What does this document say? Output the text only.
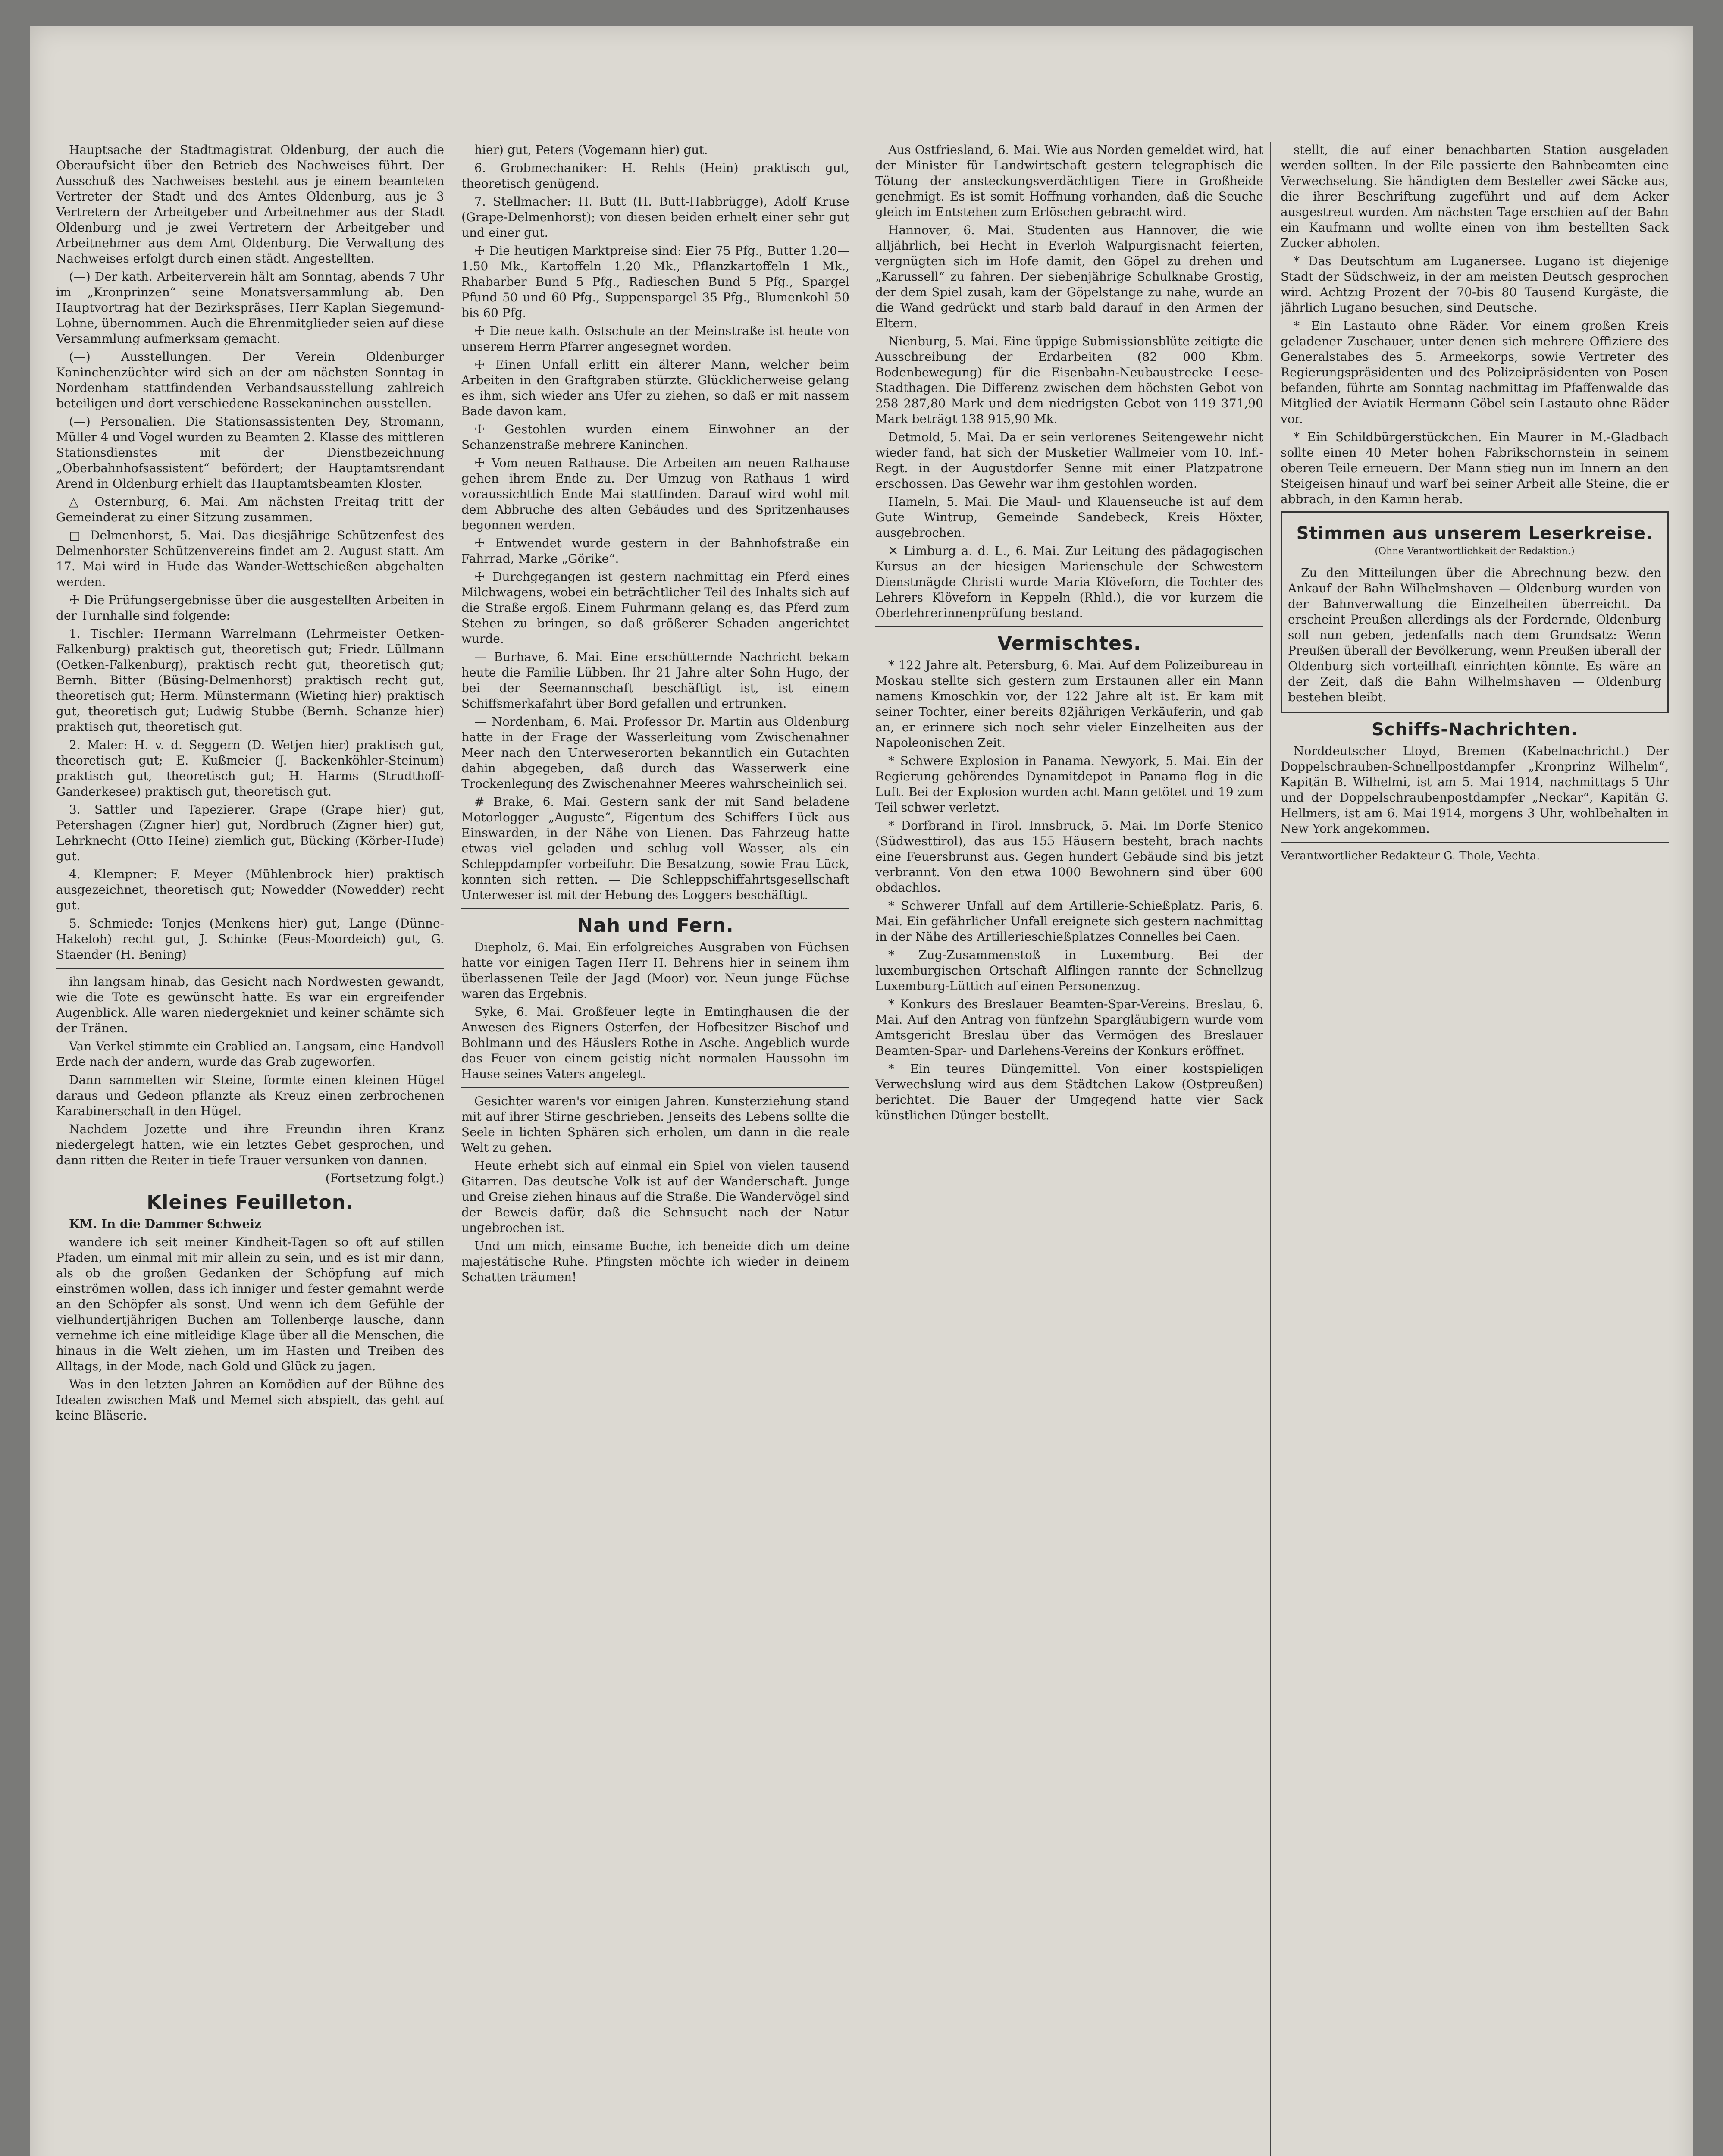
Hauptsache der Stadtmagistrat Oldenburg, der auch die Oberaufsicht über den Betrieb des Nachweises führt. Der Ausschuß des Nachweises besteht aus je einem beamteten Vertreter der Stadt und des Amtes Oldenburg, aus je 3 Vertretern der Arbeitgeber und Arbeitnehmer aus der Stadt Oldenburg und je zwei Vertretern der Arbeitgeber und Arbeitnehmer aus dem Amt Oldenburg. Die Verwaltung des Nachweises erfolgt durch einen städt. Angestellten.

(—) Der kath. Arbeiterverein hält am Sonntag, abends 7 Uhr im „Kronprinzen“ seine Monatsversammlung ab. Den Hauptvortrag hat der Bezirkspräses, Herr Kaplan Siegemund-Lohne, übernommen. Auch die Ehrenmitglieder seien auf diese Versammlung aufmerksam gemacht.

(—) Ausstellungen. Der Verein Oldenburger Kaninchenzüchter wird sich an der am nächsten Sonntag in Nordenham stattfindenden Verbandsausstellung zahlreich beteiligen und dort verschiedene Rassekaninchen ausstellen.

(—) Personalien. Die Stationsassistenten Dey, Stromann, Müller 4 und Vogel wurden zu Beamten 2. Klasse des mittleren Stationsdienstes mit der Dienstbezeichnung „Oberbahnhofsassistent“ befördert; der Hauptamtsrendant Arend in Oldenburg erhielt das Hauptamtsbeamten Kloster.

△ Osternburg, 6. Mai. Am nächsten Freitag tritt der Gemeinderat zu einer Sitzung zusammen.

□ Delmenhorst, 5. Mai. Das diesjährige Schützenfest des Delmenhorster Schützenvereins findet am 2. August statt. Am 17. Mai wird in Hude das Wander-Wettschießen abgehalten werden.

☩ Die Prüfungsergebnisse über die ausgestellten Arbeiten in der Turnhalle sind folgende:

1. Tischler: Hermann Warrelmann (Lehrmeister Oetken-Falkenburg) praktisch gut, theoretisch gut; Friedr. Lüllmann (Oetken-Falkenburg), praktisch recht gut, theoretisch gut; Bernh. Bitter (Büsing-Delmenhorst) praktisch recht gut, theoretisch gut; Herm. Münstermann (Wieting hier) praktisch gut, theoretisch gut; Ludwig Stubbe (Bernh. Schanze hier) praktisch gut, theoretisch gut.

2. Maler: H. v. d. Seggern (D. Wetjen hier) praktisch gut, theoretisch gut; E. Kußmeier (J. Backenköhler-Steinum) praktisch gut, theoretisch gut; H. Harms (Strudthoff-Ganderkesee) praktisch gut, theoretisch gut.

3. Sattler und Tapezierer. Grape (Grape hier) gut, Petershagen (Zigner hier) gut, Nordbruch (Zigner hier) gut, Lehrknecht (Otto Heine) ziemlich gut, Bücking (Körber-Hude) gut.

4. Klempner: F. Meyer (Mühlenbrock hier) praktisch ausgezeichnet, theoretisch gut; Nowedder (Nowedder) recht gut.

5. Schmiede: Tonjes (Menkens hier) gut, Lange (Dünne-Hakeloh) recht gut, J. Schinke (Feus-Moordeich) gut, G. Staender (H. Bening)

ihn langsam hinab, das Gesicht nach Nordwesten gewandt, wie die Tote es gewünscht hatte. Es war ein ergreifender Augenblick. Alle waren niedergekniet und keiner schämte sich der Tränen.

Van Verkel stimmte ein Grablied an. Langsam, eine Handvoll Erde nach der andern, wurde das Grab zugeworfen.

Dann sammelten wir Steine, formte einen kleinen Hügel daraus und Gedeon pflanzte als Kreuz einen zerbrochenen Karabinerschaft in den Hügel.

Nachdem Jozette und ihre Freundin ihren Kranz niedergelegt hatten, wie ein letztes Gebet gesprochen, und dann ritten die Reiter in tiefe Trauer versunken von dannen.

(Fortsetzung folgt.)

Kleines Feuilleton.

KM. In die Dammer Schweiz

wandere ich seit meiner Kindheit-Tagen so oft auf stillen Pfaden, um einmal mit mir allein zu sein, und es ist mir dann, als ob die großen Gedanken der Schöpfung auf mich einströmen wollen, dass ich inniger und fester gemahnt werde an den Schöpfer als sonst. Und wenn ich dem Gefühle der vielhundertjährigen Buchen am Tollenberge lausche, dann vernehme ich eine mitleidige Klage über all die Menschen, die hinaus in die Welt ziehen, um im Hasten und Treiben des Alltags, in der Mode, nach Gold und Glück zu jagen.

Was in den letzten Jahren an Komödien auf der Bühne des Idealen zwischen Maß und Memel sich abspielt, das geht auf keine Bläserie.

hier) gut, Peters (Vogemann hier) gut.

6. Grobmechaniker: H. Rehls (Hein) praktisch gut, theoretisch genügend.

7. Stellmacher: H. Butt (H. Butt-Habbrügge), Adolf Kruse (Grape-Delmenhorst); von diesen beiden erhielt einer sehr gut und einer gut.

☩ Die heutigen Marktpreise sind: Eier 75 Pfg., Butter 1.20—1.50 Mk., Kartoffeln 1.20 Mk., Pflanzkartoffeln 1 Mk., Rhabarber Bund 5 Pfg., Radieschen Bund 5 Pfg., Spargel Pfund 50 und 60 Pfg., Suppenspargel 35 Pfg., Blumenkohl 50 bis 60 Pfg.

☩ Die neue kath. Ostschule an der Meinstraße ist heute von unserem Herrn Pfarrer angesegnet worden.

☩ Einen Unfall erlitt ein älterer Mann, welcher beim Arbeiten in den Graftgraben stürzte. Glücklicherweise gelang es ihm, sich wieder ans Ufer zu ziehen, so daß er mit nassem Bade davon kam.

☩ Gestohlen wurden einem Einwohner an der Schanzenstraße mehrere Kaninchen.

☩ Vom neuen Rathause. Die Arbeiten am neuen Rathause gehen ihrem Ende zu. Der Umzug von Rathaus 1 wird voraussichtlich Ende Mai stattfinden. Darauf wird wohl mit dem Abbruche des alten Gebäudes und des Spritzenhauses begonnen werden.

☩ Entwendet wurde gestern in der Bahnhofstraße ein Fahrrad, Marke „Görike“.

☩ Durchgegangen ist gestern nachmittag ein Pferd eines Milchwagens, wobei ein beträchtlicher Teil des Inhalts sich auf die Straße ergoß. Einem Fuhrmann gelang es, das Pferd zum Stehen zu bringen, so daß größerer Schaden angerichtet wurde.

— Burhave, 6. Mai. Eine erschütternde Nachricht bekam heute die Familie Lübben. Ihr 21 Jahre alter Sohn Hugo, der bei der Seemannschaft beschäftigt ist, ist einem Schiffsmerkafahrt über Bord gefallen und ertrunken.

— Nordenham, 6. Mai. Professor Dr. Martin aus Oldenburg hatte in der Frage der Wasserleitung vom Zwischenahner Meer nach den Unterweserorten bekanntlich ein Gutachten dahin abgegeben, daß durch das Wasserwerk eine Trockenlegung des Zwischenahner Meeres wahrscheinlich sei.

# Brake, 6. Mai. Gestern sank der mit Sand beladene Motorlogger „Auguste“, Eigentum des Schiffers Lück aus Einswarden, in der Nähe von Lienen. Das Fahrzeug hatte etwas viel geladen und schlug voll Wasser, als ein Schleppdampfer vorbeifuhr. Die Besatzung, sowie Frau Lück, konnten sich retten. — Die Schleppschiffahrtsgesellschaft Unterweser ist mit der Hebung des Loggers beschäftigt.

Nah und Fern.

Diepholz, 6. Mai. Ein erfolgreiches Ausgraben von Füchsen hatte vor einigen Tagen Herr H. Behrens hier in seinem ihm überlassenen Teile der Jagd (Moor) vor. Neun junge Füchse waren das Ergebnis.

Syke, 6. Mai. Großfeuer legte in Emtinghausen die der Anwesen des Eigners Osterfen, der Hofbesitzer Bischof und Bohlmann und des Häuslers Rothe in Asche. Angeblich wurde das Feuer von einem geistig nicht normalen Haussohn im Hause seines Vaters angelegt.

Gesichter waren's vor einigen Jahren. Kunsterziehung stand mit auf ihrer Stirne geschrieben. Jenseits des Lebens sollte die Seele in lichten Sphären sich erholen, um dann in die reale Welt zu gehen.

Heute erhebt sich auf einmal ein Spiel von vielen tausend Gitarren. Das deutsche Volk ist auf der Wanderschaft. Junge und Greise ziehen hinaus auf die Straße. Die Wandervögel sind der Beweis dafür, daß die Sehnsucht nach der Natur ungebrochen ist.

Und um mich, einsame Buche, ich beneide dich um deine majestätische Ruhe. Pfingsten möchte ich wieder in deinem Schatten träumen!

Aus Ostfriesland, 6. Mai. Wie aus Norden gemeldet wird, hat der Minister für Landwirtschaft gestern telegraphisch die Tötung der ansteckungsverdächtigen Tiere in Großheide genehmigt. Es ist somit Hoffnung vorhanden, daß die Seuche gleich im Entstehen zum Erlöschen gebracht wird.

Hannover, 6. Mai. Studenten aus Hannover, die wie alljährlich, bei Hecht in Everloh Walpurgisnacht feierten, vergnügten sich im Hofe damit, den Göpel zu drehen und „Karussell“ zu fahren. Der siebenjährige Schulknabe Grostig, der dem Spiel zusah, kam der Göpelstange zu nahe, wurde an die Wand gedrückt und starb bald darauf in den Armen der Eltern.

Nienburg, 5. Mai. Eine üppige Submissionsblüte zeitigte die Ausschreibung der Erdarbeiten (82 000 Kbm. Bodenbewegung) für die Eisenbahn-Neubaustrecke Leese-Stadthagen. Die Differenz zwischen dem höchsten Gebot von 258 287,80 Mark und dem niedrigsten Gebot von 119 371,90 Mark beträgt 138 915,90 Mk.

Detmold, 5. Mai. Da er sein verlorenes Seitengewehr nicht wieder fand, hat sich der Musketier Wallmeier vom 10. Inf.-Regt. in der Augustdorfer Senne mit einer Platzpatrone erschossen. Das Gewehr war ihm gestohlen worden.

Hameln, 5. Mai. Die Maul- und Klauenseuche ist auf dem Gute Wintrup, Gemeinde Sandebeck, Kreis Höxter, ausgebrochen.

✕ Limburg a. d. L., 6. Mai. Zur Leitung des pädagogischen Kursus an der hiesigen Marienschule der Schwestern Dienstmägde Christi wurde Maria Klöveforn, die Tochter des Lehrers Klöveforn in Keppeln (Rhld.), die vor kurzem die Oberlehrerinnenprüfung bestand.

Vermischtes.

* 122 Jahre alt. Petersburg, 6. Mai. Auf dem Polizeibureau in Moskau stellte sich gestern zum Erstaunen aller ein Mann namens Kmoschkin vor, der 122 Jahre alt ist. Er kam mit seiner Tochter, einer bereits 82jährigen Verkäuferin, und gab an, er erinnere sich noch sehr vieler Einzelheiten aus der Napoleonischen Zeit.

* Schwere Explosion in Panama. Newyork, 5. Mai. Ein der Regierung gehörendes Dynamitdepot in Panama flog in die Luft. Bei der Explosion wurden acht Mann getötet und 19 zum Teil schwer verletzt.

* Dorfbrand in Tirol. Innsbruck, 5. Mai. Im Dorfe Stenico (Südwesttirol), das aus 155 Häusern besteht, brach nachts eine Feuersbrunst aus. Gegen hundert Gebäude sind bis jetzt verbrannt. Von den etwa 1000 Bewohnern sind über 600 obdachlos.

* Schwerer Unfall auf dem Artillerie-Schießplatz. Paris, 6. Mai. Ein gefährlicher Unfall ereignete sich gestern nachmittag in der Nähe des Artillerieschießplatzes Connelles bei Caen.

* Zug-Zusammenstoß in Luxemburg. Bei der luxemburgischen Ortschaft Alflingen rannte der Schnellzug Luxemburg-Lüttich auf einen Personenzug.

* Konkurs des Breslauer Beamten-Spar-Vereins. Breslau, 6. Mai. Auf den Antrag von fünfzehn Spargläubigern wurde vom Amtsgericht Breslau über das Vermögen des Breslauer Beamten-Spar- und Darlehens-Vereins der Konkurs eröffnet.

* Ein teures Düngemittel. Von einer kostspieligen Verwechslung wird aus dem Städtchen Lakow (Ostpreußen) berichtet. Die Bauer der Umgegend hatte vier Sack künstlichen Dünger bestellt.

stellt, die auf einer benachbarten Station ausgeladen werden sollten. In der Eile passierte den Bahnbeamten eine Verwechselung. Sie händigten dem Besteller zwei Säcke aus, die ihrer Beschriftung zugeführt und auf dem Acker ausgestreut wurden. Am nächsten Tage erschien auf der Bahn ein Kaufmann und wollte einen von ihm bestellten Sack Zucker abholen.

* Das Deutschtum am Luganersee. Lugano ist diejenige Stadt der Südschweiz, in der am meisten Deutsch gesprochen wird. Achtzig Prozent der 70-bis 80 Tausend Kurgäste, die jährlich Lugano besuchen, sind Deutsche.

* Ein Lastauto ohne Räder. Vor einem großen Kreis geladener Zuschauer, unter denen sich mehrere Offiziere des Generalstabes des 5. Armeekorps, sowie Vertreter des Regierungspräsidenten und des Polizeipräsidenten von Posen befanden, führte am Sonntag nachmittag im Pfaffenwalde das Mitglied der Aviatik Hermann Göbel sein Lastauto ohne Räder vor.

* Ein Schildbürgerstückchen. Ein Maurer in M.-Gladbach sollte einen 40 Meter hohen Fabrikschornstein in seinem oberen Teile erneuern. Der Mann stieg nun im Innern an den Steigeisen hinauf und warf bei seiner Arbeit alle Steine, die er abbrach, in den Kamin herab.

Stimmen aus unserem Leserkreise.
(Ohne Verantwortlichkeit der Redaktion.)

Zu den Mitteilungen über die Abrechnung bezw. den Ankauf der Bahn Wilhelmshaven — Oldenburg wurden von der Bahnverwaltung die Einzelheiten überreicht. Da erscheint Preußen allerdings als der Fordernde, Oldenburg soll nun geben, jedenfalls nach dem Grundsatz: Wenn Preußen überall der Bevölkerung, wenn Preußen überall der Oldenburg sich vorteilhaft einrichten könnte. Es wäre an der Zeit, daß die Bahn Wilhelmshaven — Oldenburg bestehen bleibt.

Schiffs-Nachrichten.

Norddeutscher Lloyd, Bremen (Kabelnachricht.) Der Doppelschrauben-Schnellpostdampfer „Kronprinz Wilhelm“, Kapitän B. Wilhelmi, ist am 5. Mai 1914, nachmittags 5 Uhr und der Doppelschraubenpostdampfer „Neckar“, Kapitän G. Hellmers, ist am 6. Mai 1914, morgens 3 Uhr, wohlbehalten in New York angekommen.

Verantwortlicher Redakteur G. Thole, Vechta.
